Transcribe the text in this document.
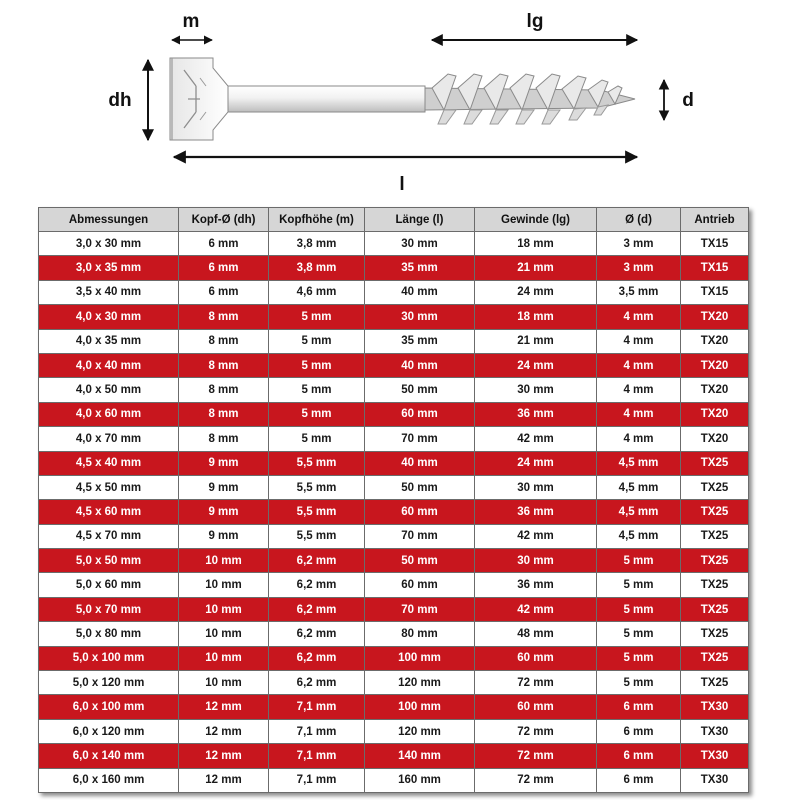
m	lg
dh	d
l
Abmessungen	Kopf-Ø (dh)	Kopfhöhe (m)	Länge (l)	Gewinde (lg)	Ø (d)	Antrieb
3,0 x 30 mm	6 mm	3,8 mm	30 mm	18 mm	3 mm	TX15
3,0 x 35 mm	6 mm	3,8 mm	35 mm	21 mm	3 mm	TX15
3,5 x 40 mm	6 mm	4,6 mm	40 mm	24 mm	3,5 mm	TX15
4,0 x 30 mm	8 mm	5 mm	30 mm	18 mm	4 mm	TX20
4,0 x 35 mm	8 mm	5 mm	35 mm	21 mm	4 mm	TX20
4,0 x 40 mm	8 mm	5 mm	40 mm	24 mm	4 mm	TX20
4,0 x 50 mm	8 mm	5 mm	50 mm	30 mm	4 mm	TX20
4,0 x 60 mm	8 mm	5 mm	60 mm	36 mm	4 mm	TX20
4,0 x 70 mm	8 mm	5 mm	70 mm	42 mm	4 mm	TX20
4,5 x 40 mm	9 mm	5,5 mm	40 mm	24 mm	4,5 mm	TX25
4,5 x 50 mm	9 mm	5,5 mm	50 mm	30 mm	4,5 mm	TX25
4,5 x 60 mm	9 mm	5,5 mm	60 mm	36 mm	4,5 mm	TX25
4,5 x 70 mm	9 mm	5,5 mm	70 mm	42 mm	4,5 mm	TX25
5,0 x 50 mm	10 mm	6,2 mm	50 mm	30 mm	5 mm	TX25
5,0 x 60 mm	10 mm	6,2 mm	60 mm	36 mm	5 mm	TX25
5,0 x 70 mm	10 mm	6,2 mm	70 mm	42 mm	5 mm	TX25
5,0 x 80 mm	10 mm	6,2 mm	80 mm	48 mm	5 mm	TX25
5,0 x 100 mm	10 mm	6,2 mm	100 mm	60 mm	5 mm	TX25
5,0 x 120 mm	10 mm	6,2 mm	120 mm	72 mm	5 mm	TX25
6,0 x 100 mm	12 mm	7,1 mm	100 mm	60 mm	6 mm	TX30
6,0 x 120 mm	12 mm	7,1 mm	120 mm	72 mm	6 mm	TX30
6,0 x 140 mm	12 mm	7,1 mm	140 mm	72 mm	6 mm	TX30
6,0 x 160 mm	12 mm	7,1 mm	160 mm	72 mm	6 mm	TX30
